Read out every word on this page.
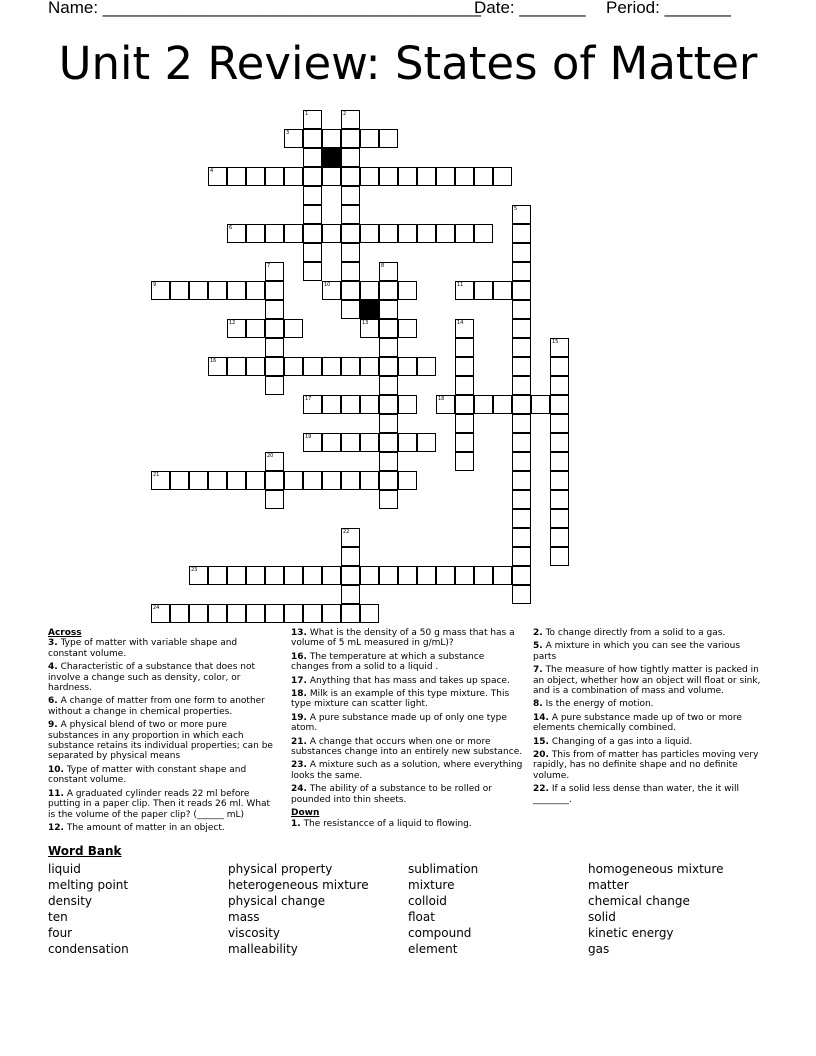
Name: ________________________________________
Date: _______ Period: _______
Unit 2 Review: States of Matter
1	2
3
4
5
6
7	8
9	10	11
12	13	14
15
16
17	18
19
20
21
22
23
24
Across
3. Type of matter with variable shape and constant volume.
4. Characteristic of a substance that does not involve a change such as density, color, or hardness.
6. A change of matter from one form to another without a change in chemical properties.
9. A physical blend of two or more pure substances in any proportion in which each substance retains its individual properties; can be separated by physical means
10. Type of matter with constant shape and constant volume.
11. A graduated cylinder reads 22 ml before putting in a paper clip. Then it reads 26 ml. What is the volume of the paper clip? (______ mL)
12. The amount of matter in an object.
13. What is the density of a 50 g mass that has a volume of 5 mL measured in g/mL)?
16. The temperature at which a substance changes from a solid to a liquid .
17. Anything that has mass and takes up space.
18. Milk is an example of this type mixture. This type mixture can scatter light.
19. A pure substance made up of only one type atom.
21. A change that occurs when one or more substances change into an entirely new substance.
23. A mixture such as a solution, where everything looks the same.
24. The ability of a substance to be rolled or pounded into thin sheets.
Down
1. The resistancce of a liquid to flowing.
2. To change directly from a solid to a gas.
5. A mixture in which you can see the various parts
7. The measure of how tightly matter is packed in an object, whether how an object will float or sink, and is a combination of mass and volume.
8. Is the energy of motion.
14. A pure substance made up of two or more elements chemically combined.
15. Changing of a gas into a liquid.
20. This from of matter has particles moving very rapidly, has no definite shape and no definite volume.
22. If a solid less dense than water, the it will ________.
Word Bank
liquid
melting point
density
ten
four
condensation
physical property
heterogeneous mixture
physical change
mass
viscosity
malleability
sublimation
mixture
colloid
float
compound
element
homogeneous mixture
matter
chemical change
solid
kinetic energy
gas
